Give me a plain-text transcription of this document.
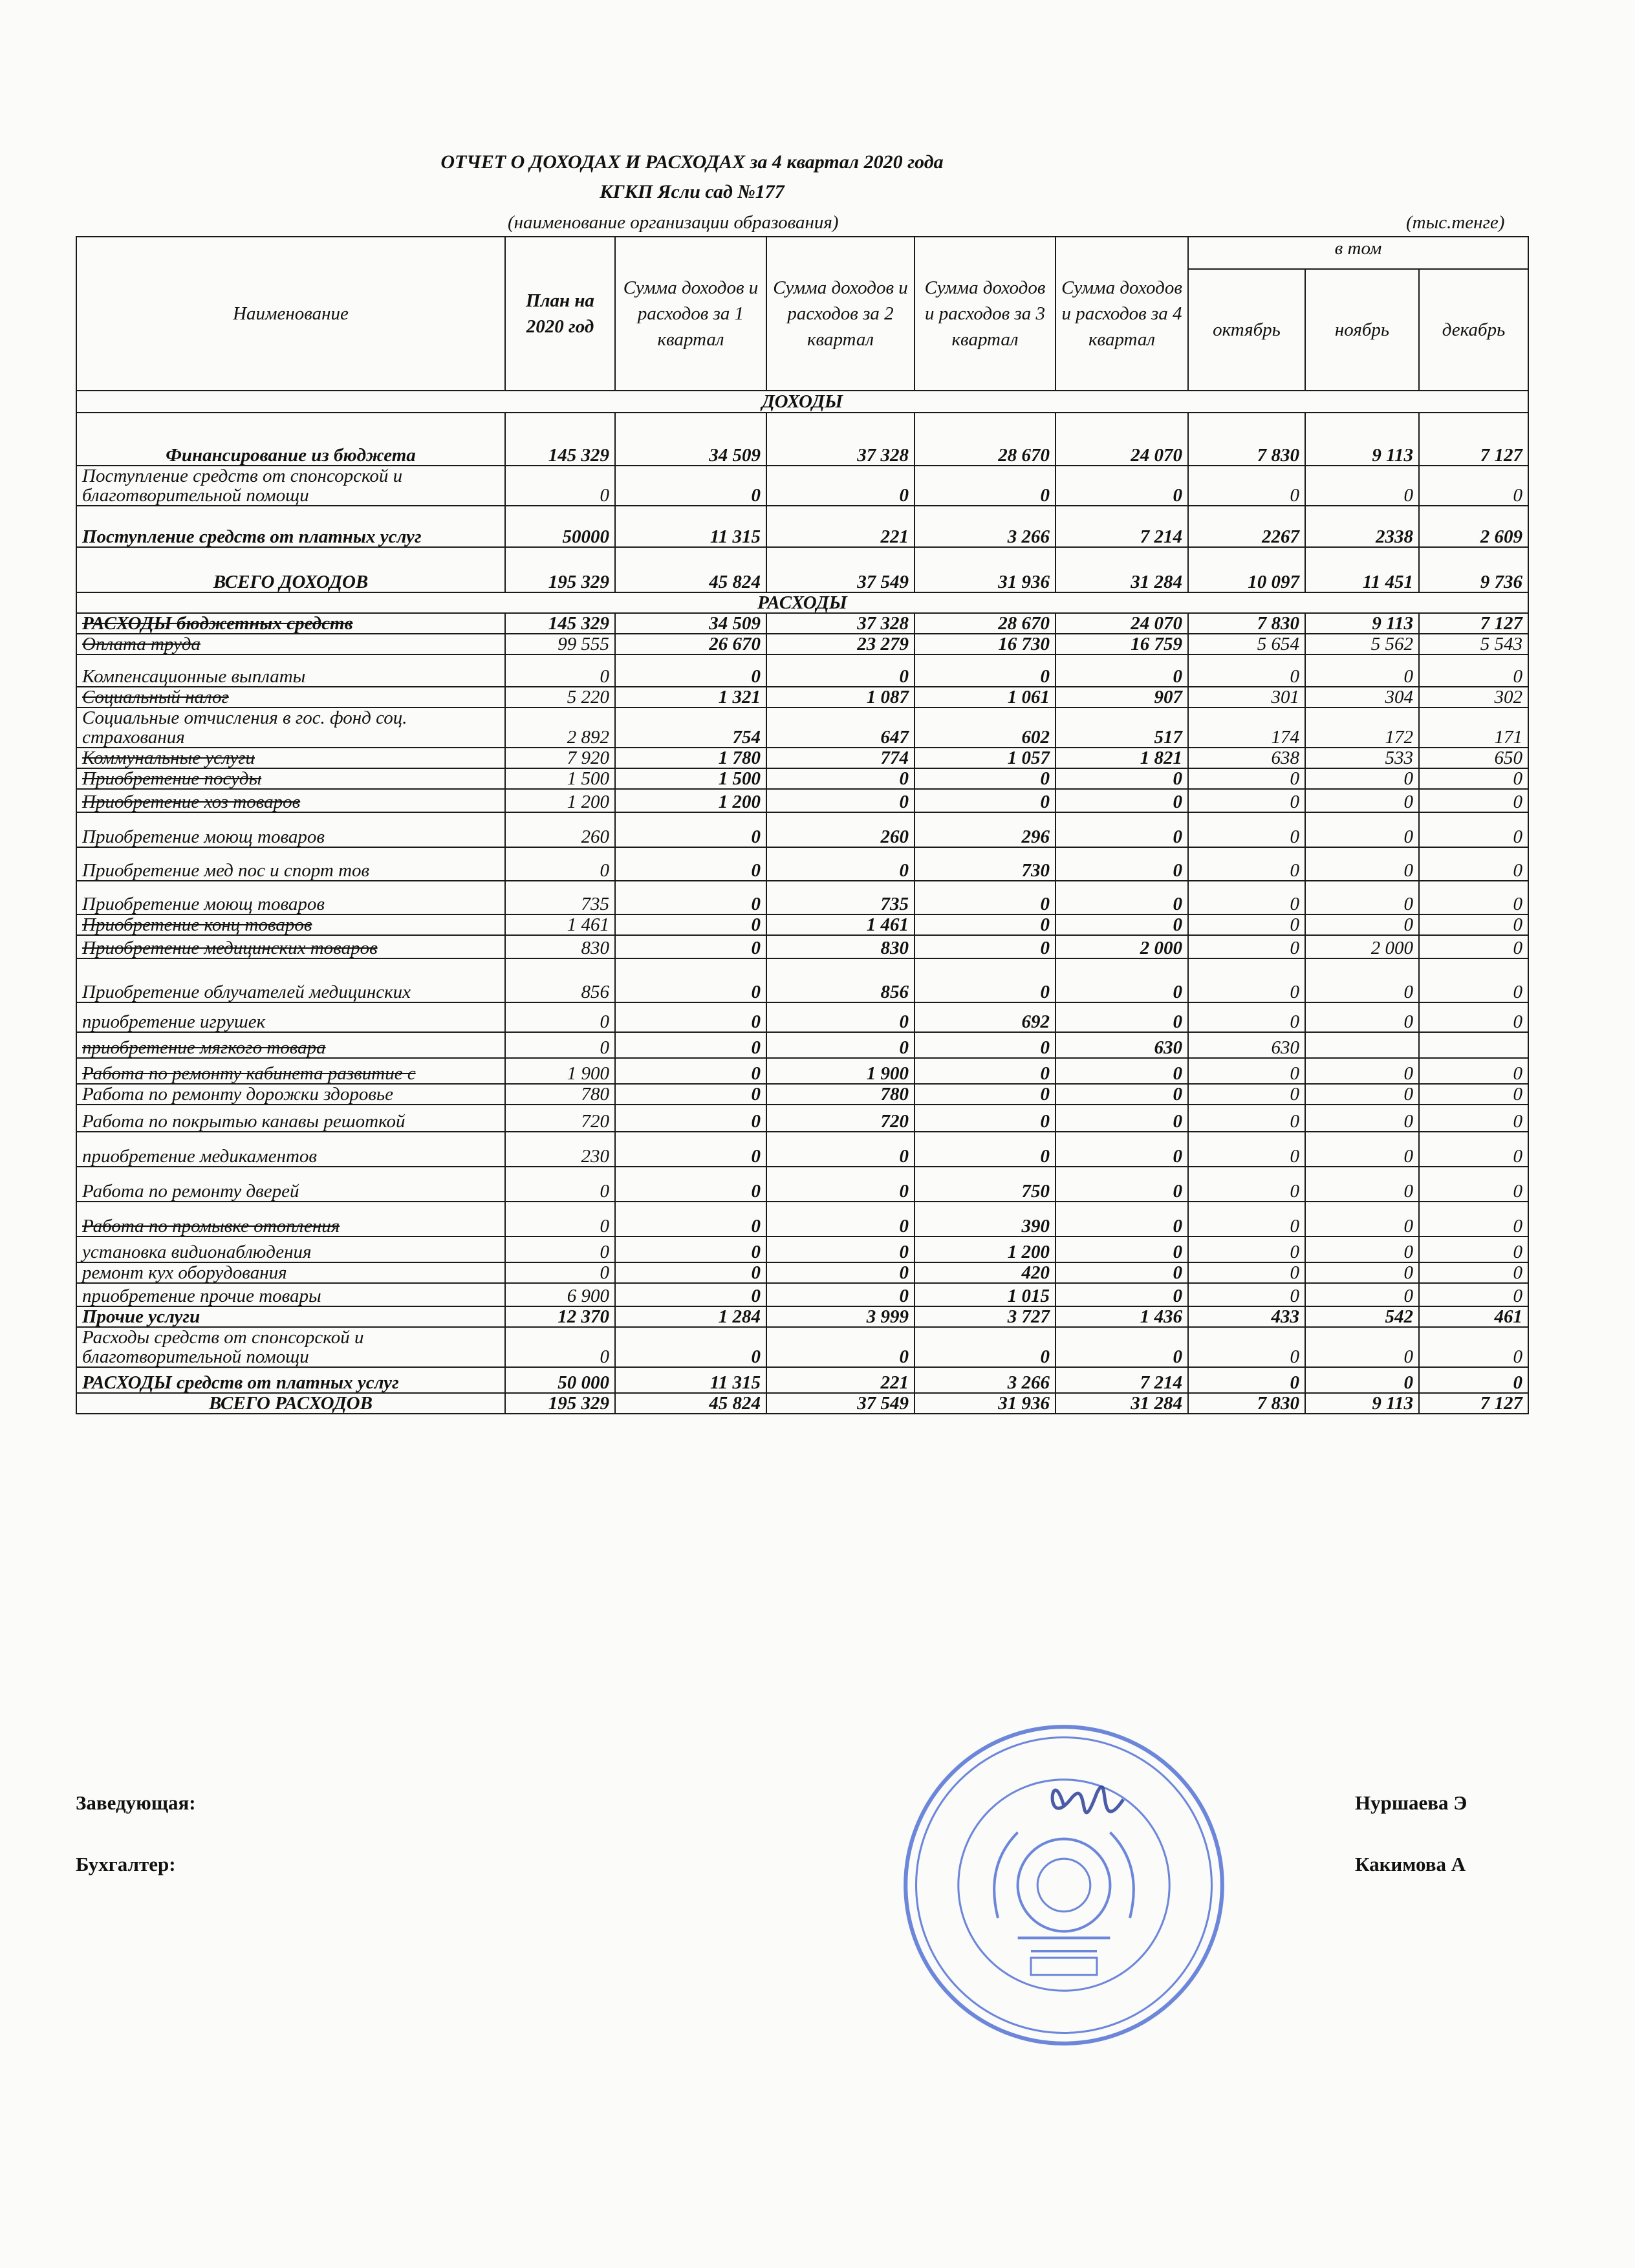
ОТЧЕТ О ДОХОДАХ И РАСХОДАХ за 4 квартал 2020 года
КГКП Ясли сад №177
(наименование организации образования)	(тыс.тенге)
Наименование	План на 2020 год	Сумма доходов и расходов за 1 квартал	Сумма доходов и расходов за 2 квартал	Сумма доходов и расходов за 3 квартал	Сумма доходов и расходов за 4 квартал	в том		
						октябрь	ноябрь	декабрь
ДОХОДЫ								
Финансирование из бюджета	145 329	34 509	37 328	28 670	24 070	7 830	9 113	7 127
Поступление средств от спонсорской и благотворительной помощи	0	0	0	0	0	0	0	0
Поступление средств от платных услуг	50000	11 315	221	3 266	7 214	2267	2338	2 609
ВСЕГО ДОХОДОВ	195 329	45 824	37 549	31 936	31 284	10 097	11 451	9 736
РАСХОДЫ								
РАСХОДЫ бюджетных средств	145 329	34 509	37 328	28 670	24 070	7 830	9 113	7 127
Оплата труда	99 555	26 670	23 279	16 730	16 759	5 654	5 562	5 543
Компенсационные выплаты	0	0	0	0	0	0	0	0
Социальный налог	5 220	1 321	1 087	1 061	907	301	304	302
Социальные отчисления в гос. фонд соц. страхования	2 892	754	647	602	517	174	172	171
Коммунальные услуги	7 920	1 780	774	1 057	1 821	638	533	650
Приобретение посуды	1 500	1 500	0	0	0	0	0	0
Приобретение хоз товаров	1 200	1 200	0	0	0	0	0	0
Приобретение моющ товаров	260	0	260	296	0	0	0	0
Приобретение мед пос и спорт тов	0	0	0	730	0	0	0	0
Приобретение моющ товаров	735	0	735	0	0	0	0	0
Приобретение конц товаров	1 461	0	1 461	0	0	0	0	0
Приобретение медицинских товаров	830	0	830	0	2 000	0	2 000	0
Приобретение облучателей медицинских	856	0	856	0	0	0	0	0
приобретение игрушек	0	0	0	692	0	0	0	0
приобретение мягкого товара	0	0	0	0	630	630		
Работа по ремонту кабинета развитие с	1 900	0	1 900	0	0	0	0	0
Работа по ремонту дорожки здоровье	780	0	780	0	0	0	0	0
Работа по покрытью канавы решоткой	720	0	720	0	0	0	0	0
приобретение медикаментов	230	0	0	0	0	0	0	0
Работа по ремонту дверей	0	0	0	750	0	0	0	0
Работа по промывке отопления	0	0	0	390	0	0	0	0
установка видионаблюдения	0	0	0	1 200	0	0	0	0
ремонт кух оборудования	0	0	0	420	0	0	0	0
приобретение прочие товары	6 900	0	0	1 015	0	0	0	0
Прочие услуги	12 370	1 284	3 999	3 727	1 436	433	542	461
Расходы средств от спонсорской и благотворительной помощи	0	0	0	0	0	0	0	0
РАСХОДЫ средств от платных услуг	50 000	11 315	221	3 266	7 214	0	0	0
ВСЕГО РАСХОДОВ	195 329	45 824	37 549	31 936	31 284	7 830	9 113	7 127
Заведующая:	Нуршаева Э
Бухгалтер:	Какимова А
